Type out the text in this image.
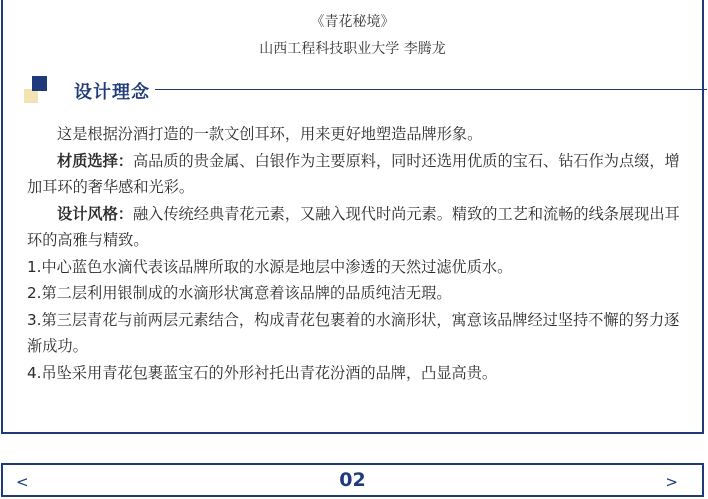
《青花秘境》
山西工程科技职业大学 李腾龙
设计理念

这是根据汾酒打造的一款文创耳环，用来更好地塑造品牌形象。

材质选择：高品质的贵金属、白银作为主要原料，同时还选用优质的宝石、钻石作为点缀，增加耳环的奢华感和光彩。

设计风格：融入传统经典青花元素，又融入现代时尚元素。精致的工艺和流畅的线条展现出耳环的高雅与精致。

1.中心蓝色水滴代表该品牌所取的水源是地层中渗透的天然过滤优质水。

2.第二层利用银制成的水滴形状寓意着该品牌的品质纯洁无瑕。

3.第三层青花与前两层元素结合，构成青花包裹着的水滴形状，寓意该品牌经过坚持不懈的努力逐渐成功。

4.吊坠采用青花包裹蓝宝石的外形衬托出青花汾酒的品牌，凸显高贵。

<	02	>
